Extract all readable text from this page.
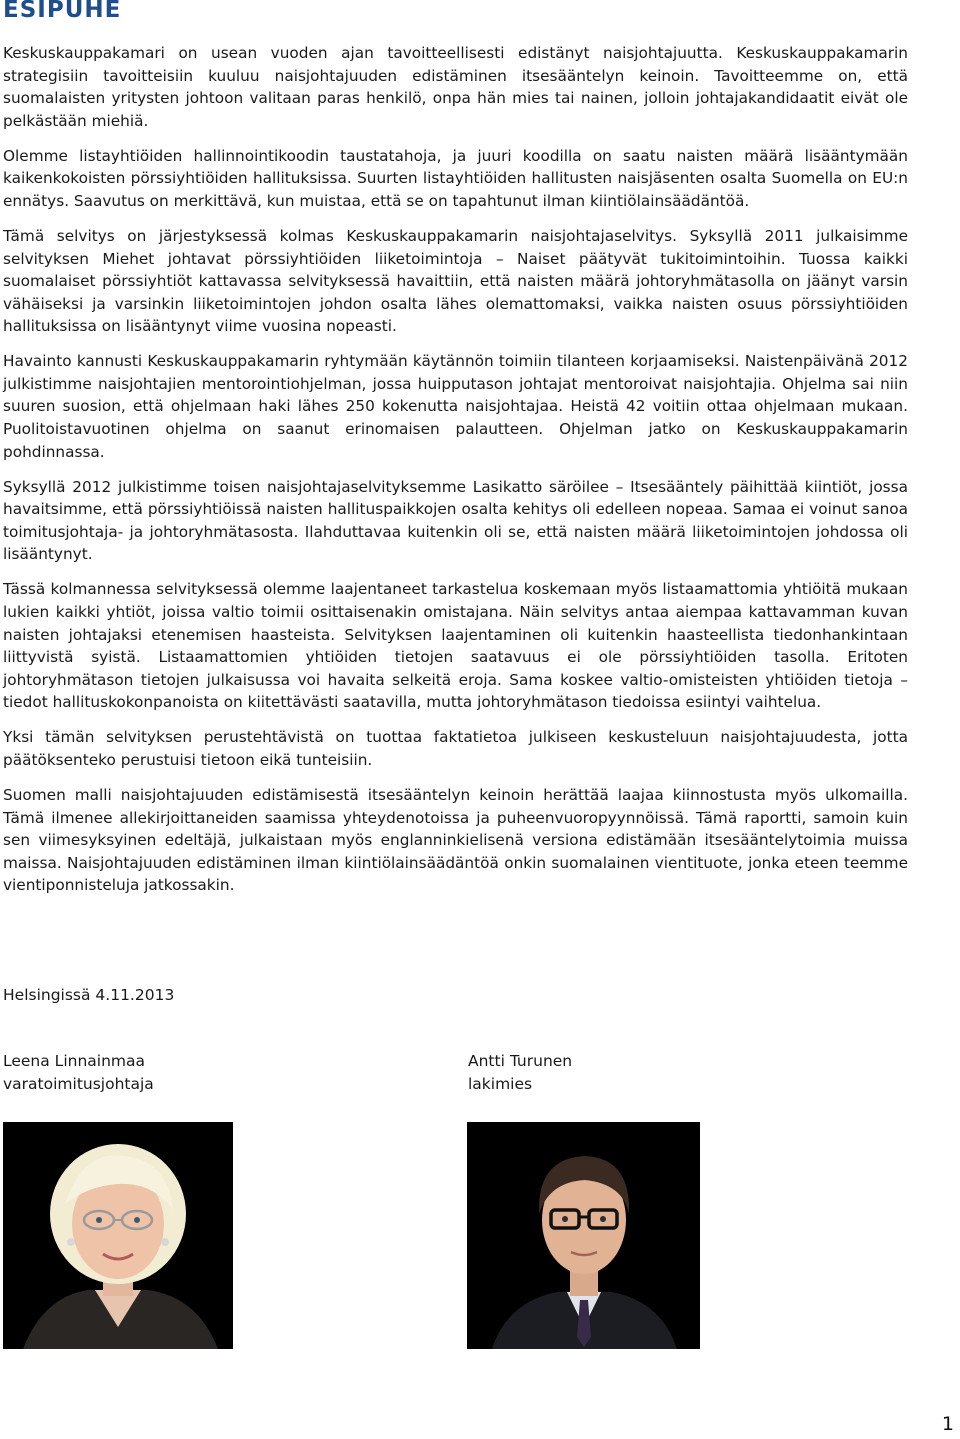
ESIPUHE

Keskuskauppakamari on usean vuoden ajan tavoitteellisesti edistänyt naisjohtajuutta. Keskuskauppakamarin strategisiin tavoitteisiin kuuluu naisjohtajuuden edistäminen itsesääntelyn keinoin. Tavoitteemme on, että suomalaisten yritysten johtoon valitaan paras henkilö, onpa hän mies tai nainen, jolloin johtajakandidaatit eivät ole pelkästään miehiä.

Olemme listayhtiöiden hallinnointikoodin taustatahoja, ja juuri koodilla on saatu naisten määrä lisääntymään kaikenkokoisten pörssiyhtiöiden hallituksissa. Suurten listayhtiöiden hallitusten naisjäsenten osalta Suomella on EU:n ennätys. Saavutus on merkittävä, kun muistaa, että se on tapahtunut ilman kiintiölainsäädäntöä.

Tämä selvitys on järjestyksessä kolmas Keskuskauppakamarin naisjohtajaselvitys. Syksyllä 2011 julkaisimme selvityksen Miehet johtavat pörssiyhtiöiden liiketoimintoja – Naiset päätyvät tukitoimintoihin. Tuossa kaikki suomalaiset pörssiyhtiöt kattavassa selvityksessä havaittiin, että naisten määrä johtoryhmätasolla on jäänyt varsin vähäiseksi ja varsinkin liiketoimintojen johdon osalta lähes olemattomaksi, vaikka naisten osuus pörssiyhtiöiden hallituksissa on lisääntynyt viime vuosina nopeasti.

Havainto kannusti Keskuskauppakamarin ryhtymään käytännön toimiin tilanteen korjaamiseksi. Naistenpäivänä 2012 julkistimme naisjohtajien mentorointiohjelman, jossa huipputason johtajat mentoroivat naisjohtajia. Ohjelma sai niin suuren suosion, että ohjelmaan haki lähes 250 kokenutta naisjohtajaa. Heistä 42 voitiin ottaa ohjelmaan mukaan. Puolitoistavuotinen ohjelma on saanut erinomaisen palautteen. Ohjelman jatko on Keskuskauppakamarin pohdinnassa.

Syksyllä 2012 julkistimme toisen naisjohtajaselvityksemme Lasikatto säröilee – Itsesääntely päihittää kiintiöt, jossa havaitsimme, että pörssiyhtiöissä naisten hallituspaikkojen osalta kehitys oli edelleen nopeaa. Samaa ei voinut sanoa toimitusjohtaja- ja johtoryhmätasosta. Ilahduttavaa kuitenkin oli se, että naisten määrä liiketoimintojen johdossa oli lisääntynyt.

Tässä kolmannessa selvityksessä olemme laajentaneet tarkastelua koskemaan myös listaamattomia yhtiöitä mukaan lukien kaikki yhtiöt, joissa valtio toimii osittaisenakin omistajana. Näin selvitys antaa aiempaa kattavamman kuvan naisten johtajaksi etenemisen haasteista. Selvityksen laajentaminen oli kuitenkin haasteellista tiedonhankintaan liittyvistä syistä. Listaamattomien yhtiöiden tietojen saatavuus ei ole pörssiyhtiöiden tasolla. Eritoten johtoryhmätason tietojen julkaisussa voi havaita selkeitä eroja. Sama koskee valtio-omisteisten yhtiöiden tietoja – tiedot hallituskokonpanoista on kiitettävästi saatavilla, mutta johtoryhmätason tiedoissa esiintyi vaihtelua.

Yksi tämän selvityksen perustehtävistä on tuottaa faktatietoa julkiseen keskusteluun naisjohtajuudesta, jotta päätöksenteko perustuisi tietoon eikä tunteisiin.

Suomen malli naisjohtajuuden edistämisestä itsesääntelyn keinoin herättää laajaa kiinnostusta myös ulkomailla. Tämä ilmenee allekirjoittaneiden saamissa yhteydenotoissa ja puheenvuoropyynnöissä. Tämä raportti, samoin kuin sen viimesyksyinen edeltäjä, julkaistaan myös englanninkielisenä versiona edistämään itsesääntelytoimia muissa maissa. Naisjohtajuuden edistäminen ilman kiintiölainsäädäntöä onkin suomalainen vientituote, jonka eteen teemme vientiponnisteluja jatkossakin.

Helsingissä 4.11.2013
Leena Linnainmaa
varatoimitusjohtaja
Antti Turunen
lakimies
1
